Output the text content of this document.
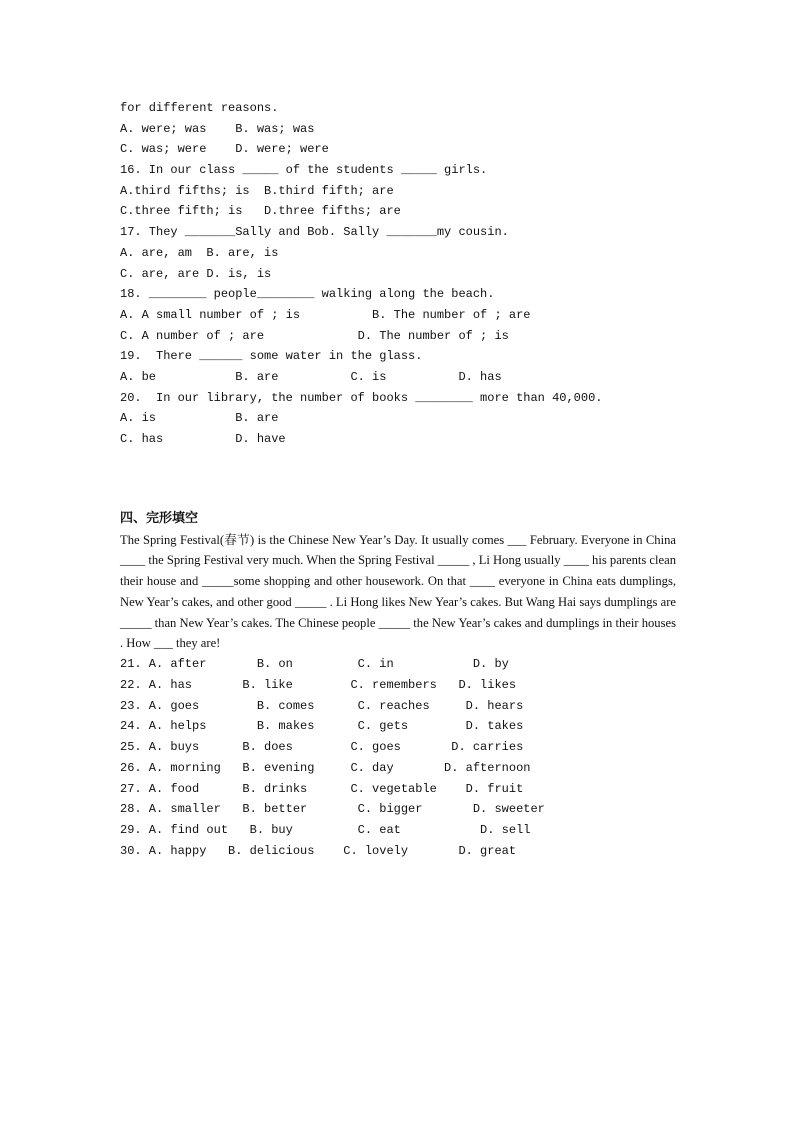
for different reasons.
A. were; was    B. was; was
C. was; were    D. were; were
16. In our class _____ of the students _____ girls.
A.third fifths; is  B.third fifth; are
C.three fifth; is   D.three fifths; are
17. They _______Sally and Bob. Sally _______my cousin.
A. are, am  B. are, is
C. are, are D. is, is
18. ________ people________ walking along the beach.
A. A small number of ; is          B. The number of ; are
C. A number of ; are             D. The number of ; is
19.  There ______ some water in the glass.
A. be           B. are          C. is          D. has
20.  In our library, the number of books ________ more than 40,000.
A. is           B. are
C. has          D. have
四、完形填空
The Spring Festival(春节) is the Chinese New Year’s Day. It usually comes ___ February. Everyone in China ____ the Spring Festival very much. When the Spring Festival _____ , Li Hong usually ____ his parents clean their house and _____some shopping and other housework. On that ____ everyone in China eats dumplings, New Year’s cakes, and other good _____ . Li Hong likes New Year’s cakes. But Wang Hai says dumplings are _____ than New Year’s cakes. The Chinese people _____ the New Year’s cakes and dumplings in their houses . How ___ they are!
21. A. after       B. on         C. in           D. by
22. A. has       B. like        C. remembers   D. likes
23. A. goes        B. comes      C. reaches     D. hears
24. A. helps       B. makes      C. gets        D. takes
25. A. buys      B. does        C. goes       D. carries
26. A. morning   B. evening     C. day       D. afternoon
27. A. food      B. drinks      C. vegetable    D. fruit
28. A. smaller   B. better       C. bigger       D. sweeter
29. A. find out   B. buy         C. eat           D. sell
30. A. happy   B. delicious    C. lovely       D. great
